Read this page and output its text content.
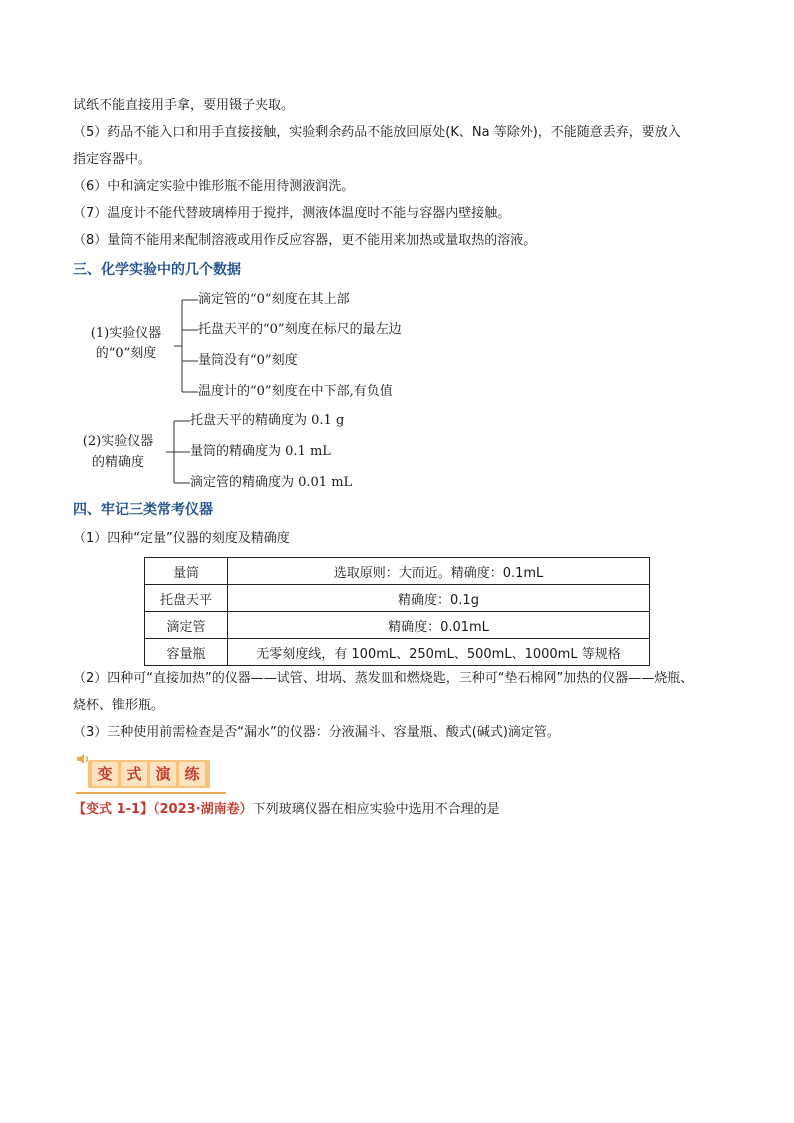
试纸不能直接用手拿，要用镊子夹取。
（5）药品不能入口和用手直接接触，实验剩余药品不能放回原处(K、Na 等除外)，不能随意丢弃，要放入
指定容器中。
（6）中和滴定实验中锥形瓶不能用待测液润洗。
（7）温度计不能代替玻璃棒用于搅拌，测液体温度时不能与容器内壁接触。
（8）量筒不能用来配制溶液或用作反应容器，更不能用来加热或量取热的溶液。
三、化学实验中的几个数据
(1)实验仪器
的“0”刻度
滴定管的“0”刻度在其上部
托盘天平的“0”刻度在标尺的最左边
量筒没有“0”刻度
温度计的“0”刻度在中下部,有负值
(2)实验仪器
的精确度
托盘天平的精确度为 0.1 g
量筒的精确度为 0.1 mL
滴定管的精确度为 0.01 mL
四、牢记三类常考仪器
（1）四种“定量”仪器的刻度及精确度
量筒	选取原则：大而近。精确度：0.1mL
托盘天平	精确度：0.1g
滴定管	精确度：0.01mL
容量瓶	无零刻度线，有 100mL、250mL、500mL、1000mL 等规格
（2）四种可“直接加热”的仪器——试管、坩埚、蒸发皿和燃烧匙，三种可“垫石棉网”加热的仪器——烧瓶、
烧杯、锥形瓶。
（3）三种使用前需检查是否“漏水”的仪器：分液漏斗、容量瓶、酸式(碱式)滴定管。
变 式 演 练
【变式 1-1】（2023·湖南卷）下列玻璃仪器在相应实验中选用不合理的是
